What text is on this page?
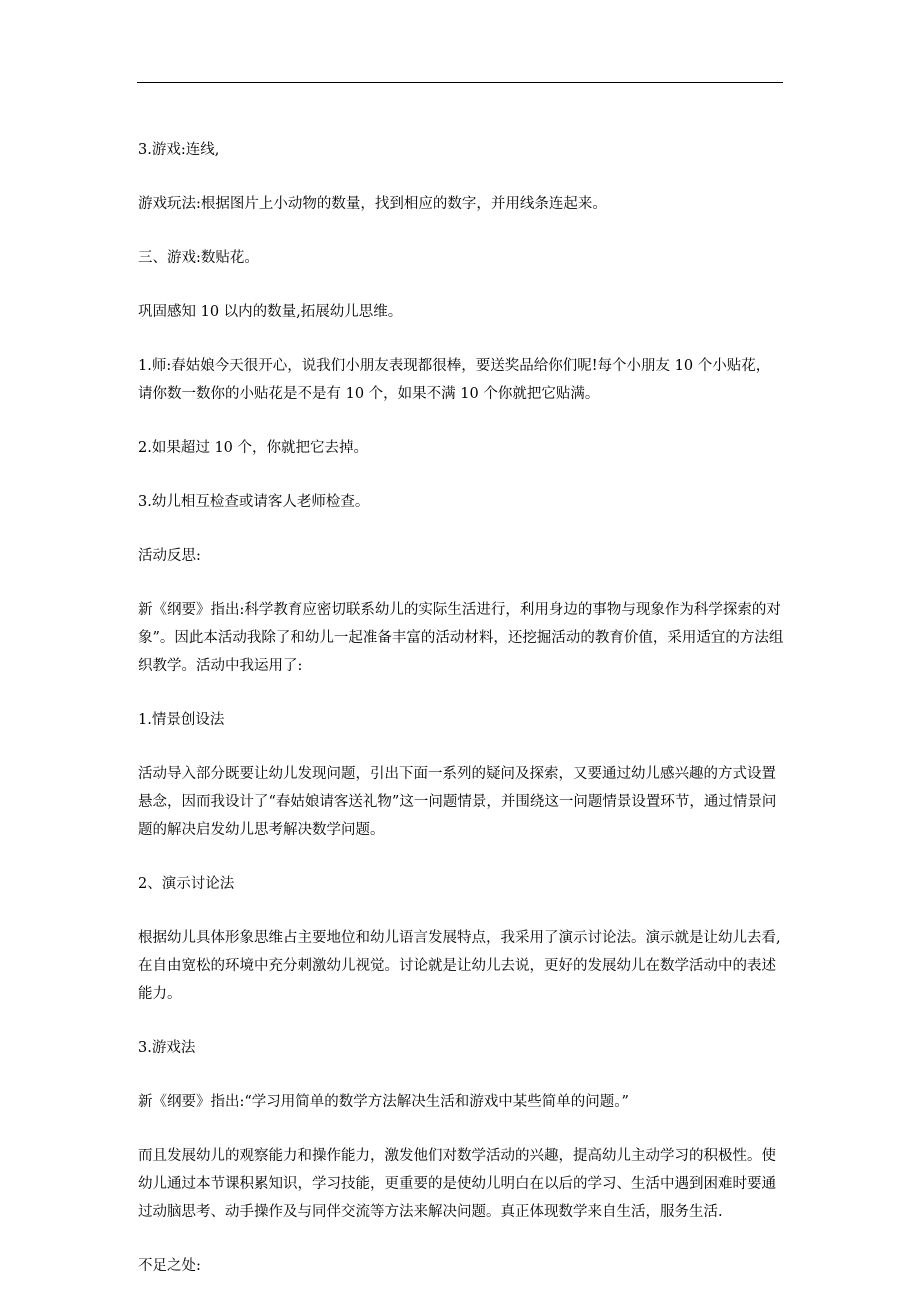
3.游戏:连线,

游戏玩法:根据图片上小动物的数量，找到相应的数字，并用线条连起来。

三、游戏:数贴花。

巩固感知 10 以内的数量,拓展幼儿思维。

1.师:春姑娘今天很开心，说我们小朋友表现都很棒，要送奖品给你们呢!每个小朋友 10 个小贴花，请你数一数你的小贴花是不是有 10 个，如果不满 10 个你就把它贴满。

2.如果超过 10 个，你就把它去掉。

3.幼儿相互检查或请客人老师检查。

活动反思:

新《纲要》指出:科学教育应密切联系幼儿的实际生活进行，利用身边的事物与现象作为科学探索的对象”。因此本活动我除了和幼儿一起准备丰富的活动材料，还挖掘活动的教育价值，采用适宜的方法组织教学。活动中我运用了:

1.情景创设法

活动导入部分既要让幼儿发现问题，引出下面一系列的疑问及探索，又要通过幼儿感兴趣的方式设置悬念，因而我设计了“春姑娘请客送礼物”这一问题情景，并围绕这一问题情景设置环节，通过情景问题的解决启发幼儿思考解决数学问题。

2、演示讨论法

根据幼儿具体形象思维占主要地位和幼儿语言发展特点，我采用了演示讨论法。演示就是让幼儿去看,在自由宽松的环境中充分刺激幼儿视觉。讨论就是让幼儿去说，更好的发展幼儿在数学活动中的表述能力。

3.游戏法

新《纲要》指出:“学习用简单的数学方法解决生活和游戏中某些简单的问题。”

而且发展幼儿的观察能力和操作能力，激发他们对数学活动的兴趣，提高幼儿主动学习的积极性。使幼儿通过本节课积累知识，学习技能，更重要的是使幼儿明白在以后的学习、生活中遇到困难时要通过动脑思考、动手操作及与同伴交流等方法来解决问题。真正体现数学来自生活，服务生活.

不足之处:
